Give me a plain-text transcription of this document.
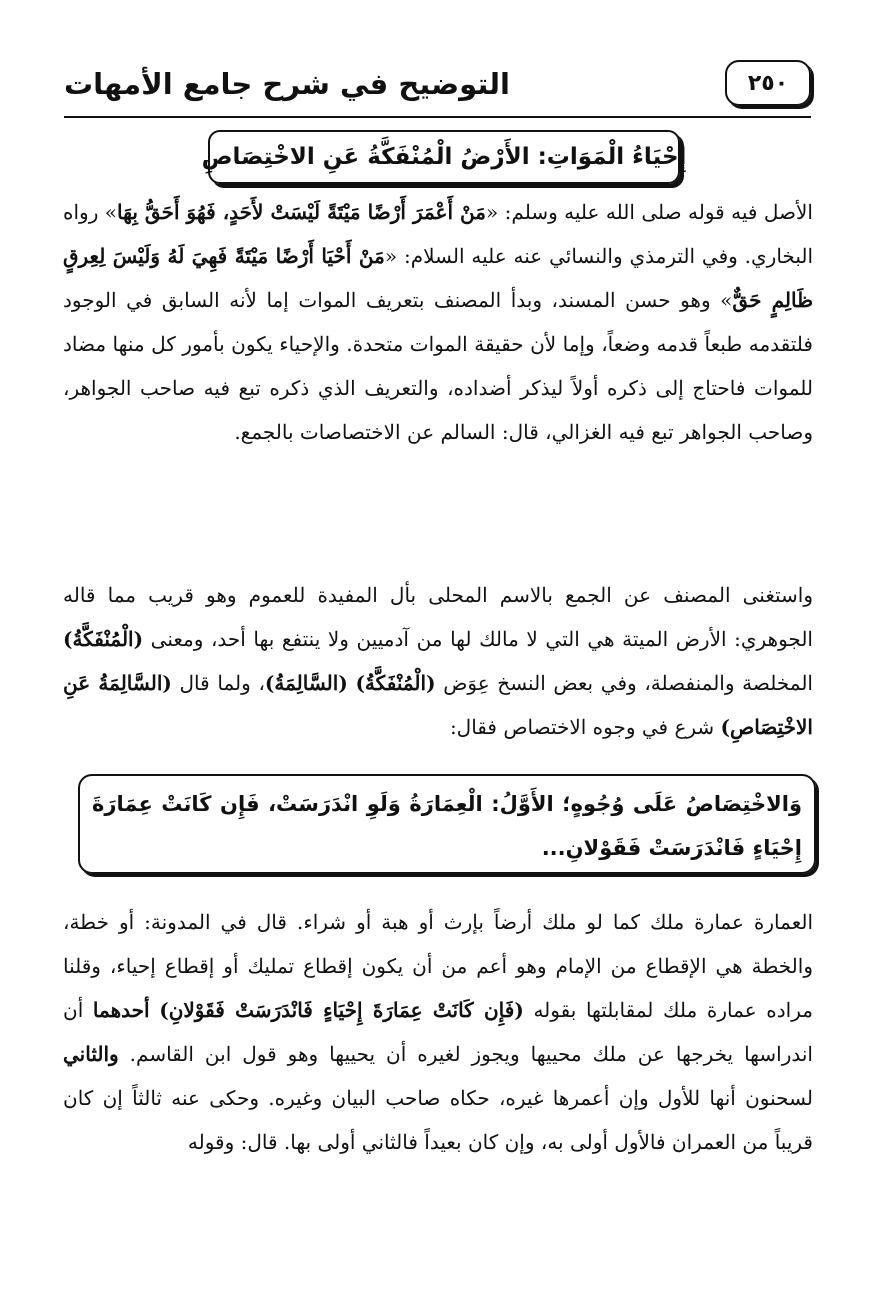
التوضيح في شرح جامع الأمهات	٢٥٠
إِحْيَاءُ الْمَوَاتِ: الأَرْضُ الْمُنْفَكَّةُ عَنِ الاخْتِصَاصِ

الأصل فيه قوله صلى الله عليه وسلم: «مَنْ أَعْمَرَ أَرْضًا مَيْتَةً لَيْسَتْ لأَحَدٍ، فَهُوَ أَحَقُّ بِهَا» رواه البخاري. وفي الترمذي والنسائي عنه عليه السلام: «مَنْ أَحْيَا أَرْضًا مَيْتَةً فَهِيَ لَهُ وَلَيْسَ لِعِرقٍ ظَالِمٍ حَقٌّ» وهو حسن المسند، وبدأ المصنف بتعريف الموات إما لأنه السابق في الوجود فلتقدمه طبعاً قدمه وضعاً، وإما لأن حقيقة الموات متحدة. والإحياء يكون بأمور كل منها مضاد للموات فاحتاج إلى ذكره أولاً ليذكر أضداده، والتعريف الذي ذكره تبع فيه صاحب الجواهر، وصاحب الجواهر تبع فيه الغزالي، قال: السالم عن الاختصاصات بالجمع.

واستغنى المصنف عن الجمع بالاسم المحلى بأل المفيدة للعموم وهو قريب مما قاله الجوهري: الأرض الميتة هي التي لا مالك لها من آدميين ولا ينتفع بها أحد، ومعنى (الْمُنْفَكَّةُ) المخلصة والمنفصلة، وفي بعض النسخ عِوَض (الْمُنْفَكَّةُ) (السَّالِمَةُ)، ولما قال (السَّالِمَةُ عَنِ الاخْتِصَاصِ) شرع في وجوه الاختصاص فقال:

وَالاخْتِصَاصُ عَلَى وُجُوهٍ؛ الأَوَّلُ: الْعِمَارَةُ وَلَوِ انْدَرَسَتْ، فَإِن كَانَتْ عِمَارَةَ إِحْيَاءٍ فَانْدَرَسَتْ فَقَوْلانِ...

العمارة عمارة ملك كما لو ملك أرضاً بإرث أو هبة أو شراء. قال في المدونة: أو خطة، والخطة هي الإقطاع من الإمام وهو أعم من أن يكون إقطاع تمليك أو إقطاع إحياء، وقلنا مراده عمارة ملك لمقابلتها بقوله (فَإِن كَانَتْ عِمَارَةَ إِحْيَاءٍ فَانْدَرَسَتْ فَقَوْلانِ) أحدهما أن اندراسها يخرجها عن ملك محييها ويجوز لغيره أن يحييها وهو قول ابن القاسم. والثاني لسحنون أنها للأول وإن أعمرها غيره، حكاه صاحب البيان وغيره. وحكى عنه ثالثاً إن كان قريباً من العمران فالأول أولى به، وإن كان بعيداً فالثاني أولى بها. قال: وقوله
